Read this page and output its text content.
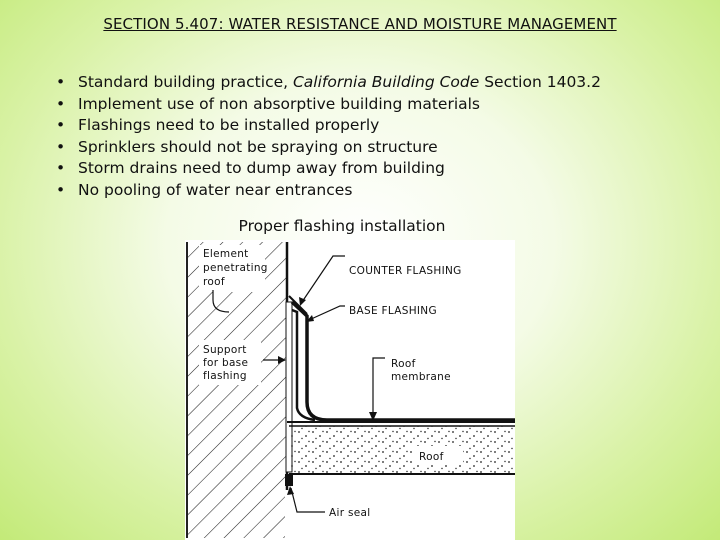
SECTION 5.407: WATER RESISTANCE AND MOISTURE MANAGEMENT
• Standard building practice, California Building Code Section 1403.2
• Implement use of non absorptive building materials
• Flashings need to be installed properly
• Sprinklers should not be spraying on structure
• Storm drains need to dump away from building
• No pooling of water near entrances
Proper flashing installation
Element
penetrating
roof
COUNTER FLASHING
BASE FLASHING
Support
for base
flashing
Roof
membrane
Roof
Air seal
